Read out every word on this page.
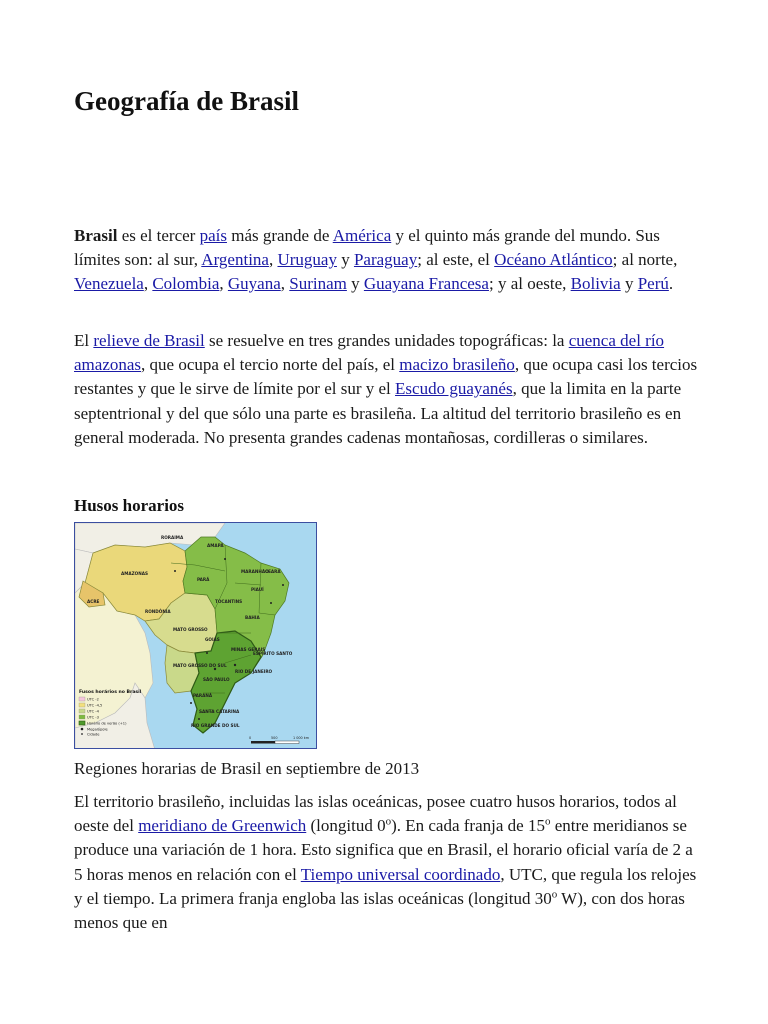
Geografía de Brasil

Brasil es el tercer país más grande de América y el quinto más grande del mundo. Sus límites son: al sur, Argentina, Uruguay y Paraguay; al este, el Océano Atlántico; al norte, Venezuela, Colombia, Guyana, Surinam y Guayana Francesa; y al oeste, Bolivia y Perú.

El relieve de Brasil se resuelve en tres grandes unidades topográficas: la cuenca del río amazonas, que ocupa el tercio norte del país, el macizo brasileño, que ocupa casi los tercios restantes y que le sirve de límite por el sur y el Escudo guayanés, que la limita en la parte septentrional y del que sólo una parte es brasileña. La altitud del territorio brasileño es en general moderada. No presenta grandes cadenas montañosas, cordilleras o similares.

Husos horarios

AMAPÁ
RORAIMA
AMAZONAS
PARÁ
MARANHÃO
CEARÁ
PIAUÍ
ACRE
RONDÔNIA
TOCANTINS
BAHIA
MATO GROSSO
GOIÁS
MINAS GERAIS
MATO GROSSO DO SUL
SÃO PAULO
RIO DE JANEIRO
ESPÍRITO SANTO
PARANÁ
SANTA CATARINA
RIO GRANDE DO SUL
Fusos horários no Brasil
UTC -2
UTC -4,5
UTC -4
UTC -3
Horário de verão (+1)
Megalópole
Cidade
0	500	1 000 km

Regiones horarias de Brasil en septiembre de 2013

El territorio brasileño, incluidas las islas oceánicas, posee cuatro husos horarios, todos al oeste del meridiano de Greenwich (longitud 0$^o$). En cada franja de 15$^o$ entre meridianos se produce una variación de 1 hora. Esto significa que en Brasil, el horario oficial varía de 2 a 5 horas menos en relación con el Tiempo universal coordinado, UTC, que regula los relojes y el tiempo. La primera franja engloba las islas oceánicas (longitud 30$^o$ W), con dos horas menos que en
